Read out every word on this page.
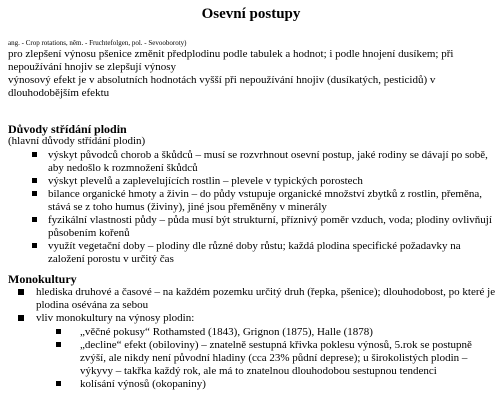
Osevní postupy
ang. - Crop rotations, něm. - Fruchtefolgen, pol. - Sevooboroty)

pro zlepšení výnosu pšenice změnit předplodinu podle tabulek a hodnot; i podle hnojení dusíkem; při nepoužívání hnojiv se zlepšují výnosy

výnosový efekt je v absolutních hodnotách vyšší při nepoužívání hnojiv (dusíkatých, pesticidů) v dlouhodobějším efektu

Důvody střídání plodin
(hlavní důvody střídání plodin)
výskyt původců chorob a škůdců – musí se rozvrhnout osevní postup, jaké rodiny se dávají po sobě, aby nedošlo k rozmnožení škůdců
výskyt plevelů a zaplevelujících rostlin – plevele v typických porostech
bilance organické hmoty a živin – do půdy vstupuje organické množství zbytků z rostlin, přeměna, stává se z toho humus (živiny), jiné jsou přeměněny v minerály
fyzikální vlastnosti půdy – půda musí být strukturní, příznivý poměr vzduch, voda; plodiny ovlivňují působením kořenů
využít vegetační doby – plodiny dle různé doby růstu; každá plodina specifické požadavky na založení porostu v určitý čas
Monokultury
hlediska druhové a časové – na každém pozemku určitý druh (řepka, pšenice); dlouhodobost, po které je plodina osévána za sebou
vliv monokultury na výnosy plodin:
„věčné pokusy“ Rothamsted (1843), Grignon (1875), Halle (1878)
„decline“ efekt (obiloviny) – znatelně sestupná křivka poklesu výnosů, 5.rok se postupně zvýší, ale nikdy není původní hladiny (cca 23% půdní deprese); u širokolistých plodin – výkyvy – takřka každý rok, ale má to znatelnou dlouhodobou sestupnou tendenci
kolísání výnosů (okopaniny)
